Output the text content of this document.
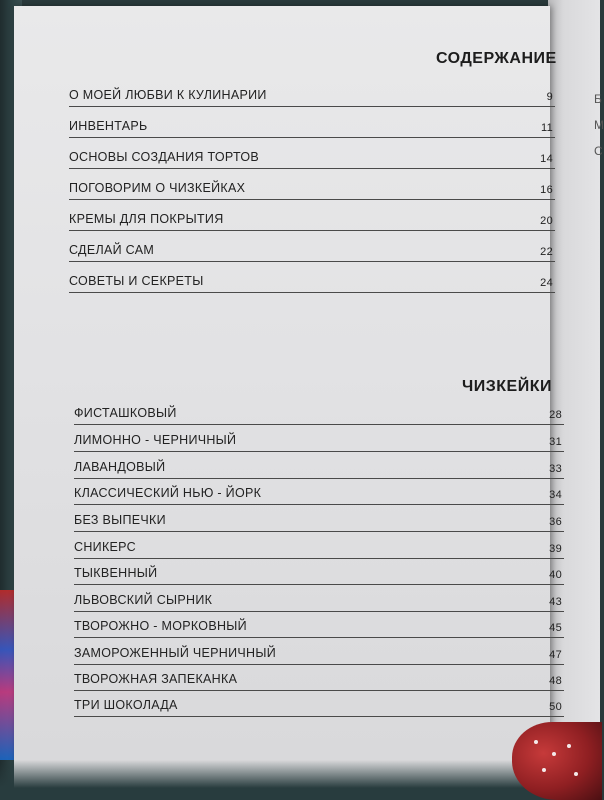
Б
М
С
СОДЕРЖАНИЕ
О МОЕЙ ЛЮБВИ К КУЛИНАРИИ	9
ИНВЕНТАРЬ	11
ОСНОВЫ СОЗДАНИЯ ТОРТОВ	14
ПОГОВОРИМ О ЧИЗКЕЙКАХ	16
КРЕМЫ ДЛЯ ПОКРЫТИЯ	20
СДЕЛАЙ САМ	22
СОВЕТЫ И СЕКРЕТЫ	24
ЧИЗКЕЙКИ
ФИСТАШКОВЫЙ	28
ЛИМОННО - ЧЕРНИЧНЫЙ	31
ЛАВАНДОВЫЙ	33
КЛАССИЧЕСКИЙ НЬЮ - ЙОРК	34
БЕЗ ВЫПЕЧКИ	36
СНИКЕРС	39
ТЫКВЕННЫЙ	40
ЛЬВОВСКИЙ СЫРНИК	43
ТВОРОЖНО - МОРКОВНЫЙ	45
ЗАМОРОЖЕННЫЙ ЧЕРНИЧНЫЙ	47
ТВОРОЖНАЯ ЗАПЕКАНКА	48
ТРИ ШОКОЛАДА	50
